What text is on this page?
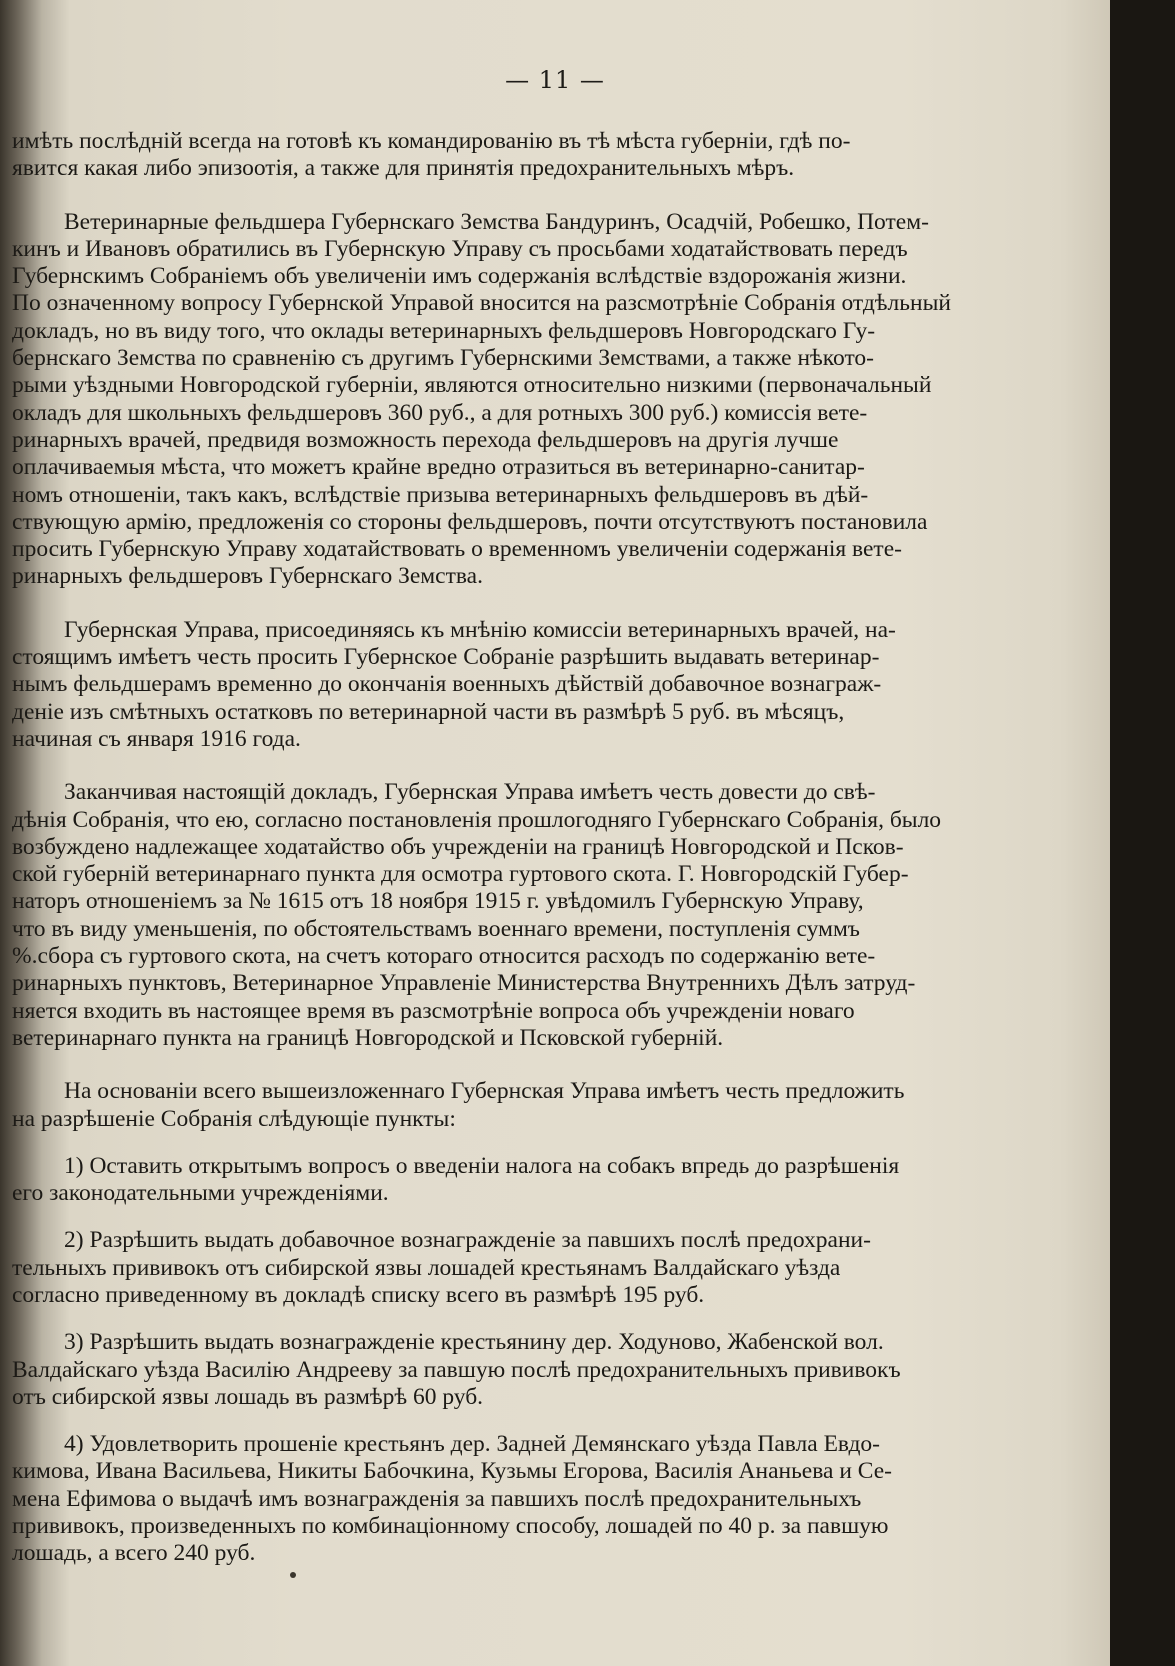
— 11 —
имѣть послѣдній всегда на готовѣ къ командированію въ тѣ мѣста губерніи, гдѣ по-
явится какая либо эпизоотія, а также для принятія предохранительныхъ мѣръ.
Ветеринарные фельдшера Губернскаго Земства Бандуринъ, Осадчій, Робешко, Потем-
кинъ и Ивановъ обратились въ Губернскую Управу съ просьбами ходатайствовать передъ
Губернскимъ Собраніемъ объ увеличеніи имъ содержанія вслѣдствіе вздорожанія жизни.
По означенному вопросу Губернской Управой вносится на разсмотрѣніе Собранія отдѣльный
докладъ, но въ виду того, что оклады ветеринарныхъ фельдшеровъ Новгородскаго Гу-
бернскаго Земства по сравненію съ другимъ Губернскими Земствами, а также нѣкото-
рыми уѣздными Новгородской губерніи, являются относительно низкими (первоначальный
окладъ для школьныхъ фельдшеровъ 360 руб., а для ротныхъ 300 руб.) комиссія вете-
ринарныхъ врачей, предвидя возможность перехода фельдшеровъ на другія лучше
оплачиваемыя мѣста, что можетъ крайне вредно отразиться въ ветеринарно-санитар-
номъ отношеніи, такъ какъ, вслѣдствіе призыва ветеринарныхъ фельдшеровъ въ дѣй-
ствующую армію, предложенія со стороны фельдшеровъ, почти отсутствуютъ постановила
просить Губернскую Управу ходатайствовать о временномъ увеличеніи содержанія вете-
ринарныхъ фельдшеровъ Губернскаго Земства.
Губернская Управа, присоединяясь къ мнѣнію комиссіи ветеринарныхъ врачей, на-
стоящимъ имѣетъ честь просить Губернское Собраніе разрѣшить выдавать ветеринар-
нымъ фельдшерамъ временно до окончанія военныхъ дѣйствій добавочное вознаграж-
деніе изъ смѣтныхъ остатковъ по ветеринарной части въ размѣрѣ 5 руб. въ мѣсяцъ,
начиная съ января 1916 года.
Заканчивая настоящій докладъ, Губернская Управа имѣетъ честь довести до свѣ-
дѣнія Собранія, что ею, согласно постановленія прошлогодняго Губернскаго Собранія, было
возбуждено надлежащее ходатайство объ учрежденіи на границѣ Новгородской и Псков-
ской губерній ветеринарнаго пункта для осмотра гуртового скота. Г. Новгородскій Губер-
наторъ отношеніемъ за № 1615 отъ 18 ноября 1915 г. увѣдомилъ Губернскую Управу,
что въ виду уменьшенія, по обстоятельствамъ военнаго времени, поступленія суммъ
%.сбора съ гуртового скота, на счетъ котораго относится расходъ по содержанію вете-
ринарныхъ пунктовъ, Ветеринарное Управленіе Министерства Внутреннихъ Дѣлъ затруд-
няется входить въ настоящее время въ разсмотрѣніе вопроса объ учрежденіи новаго
ветеринарнаго пункта на границѣ Новгородской и Псковской губерній.
На основаніи всего вышеизложеннаго Губернская Управа имѣетъ честь предложить
на разрѣшеніе Собранія слѣдующіе пункты:
1) Оставить открытымъ вопросъ о введеніи налога на собакъ впредь до разрѣшенія
его законодательными учрежденіями.
2) Разрѣшить выдать добавочное вознагражденіе за павшихъ послѣ предохрани-
тельныхъ прививокъ отъ сибирской язвы лошадей крестьянамъ Валдайскаго уѣзда
согласно приведенному въ докладѣ списку всего въ размѣрѣ 195 руб.
3) Разрѣшить выдать вознагражденіе крестьянину дер. Ходуново, Жабенской вол.
Валдайскаго уѣзда Василію Андрееву за павшую послѣ предохранительныхъ прививокъ
отъ сибирской язвы лошадь въ размѣрѣ 60 руб.
4) Удовлетворить прошеніе крестьянъ дер. Задней Демянскаго уѣзда Павла Евдо-
кимова, Ивана Васильева, Никиты Бабочкина, Кузьмы Егорова, Василія Ананьева и Се-
мена Ефимова о выдачѣ имъ вознагражденія за павшихъ послѣ предохранительныхъ
прививокъ, произведенныхъ по комбинаціонному способу, лошадей по 40 р. за павшую
лошадь, а всего 240 руб.
